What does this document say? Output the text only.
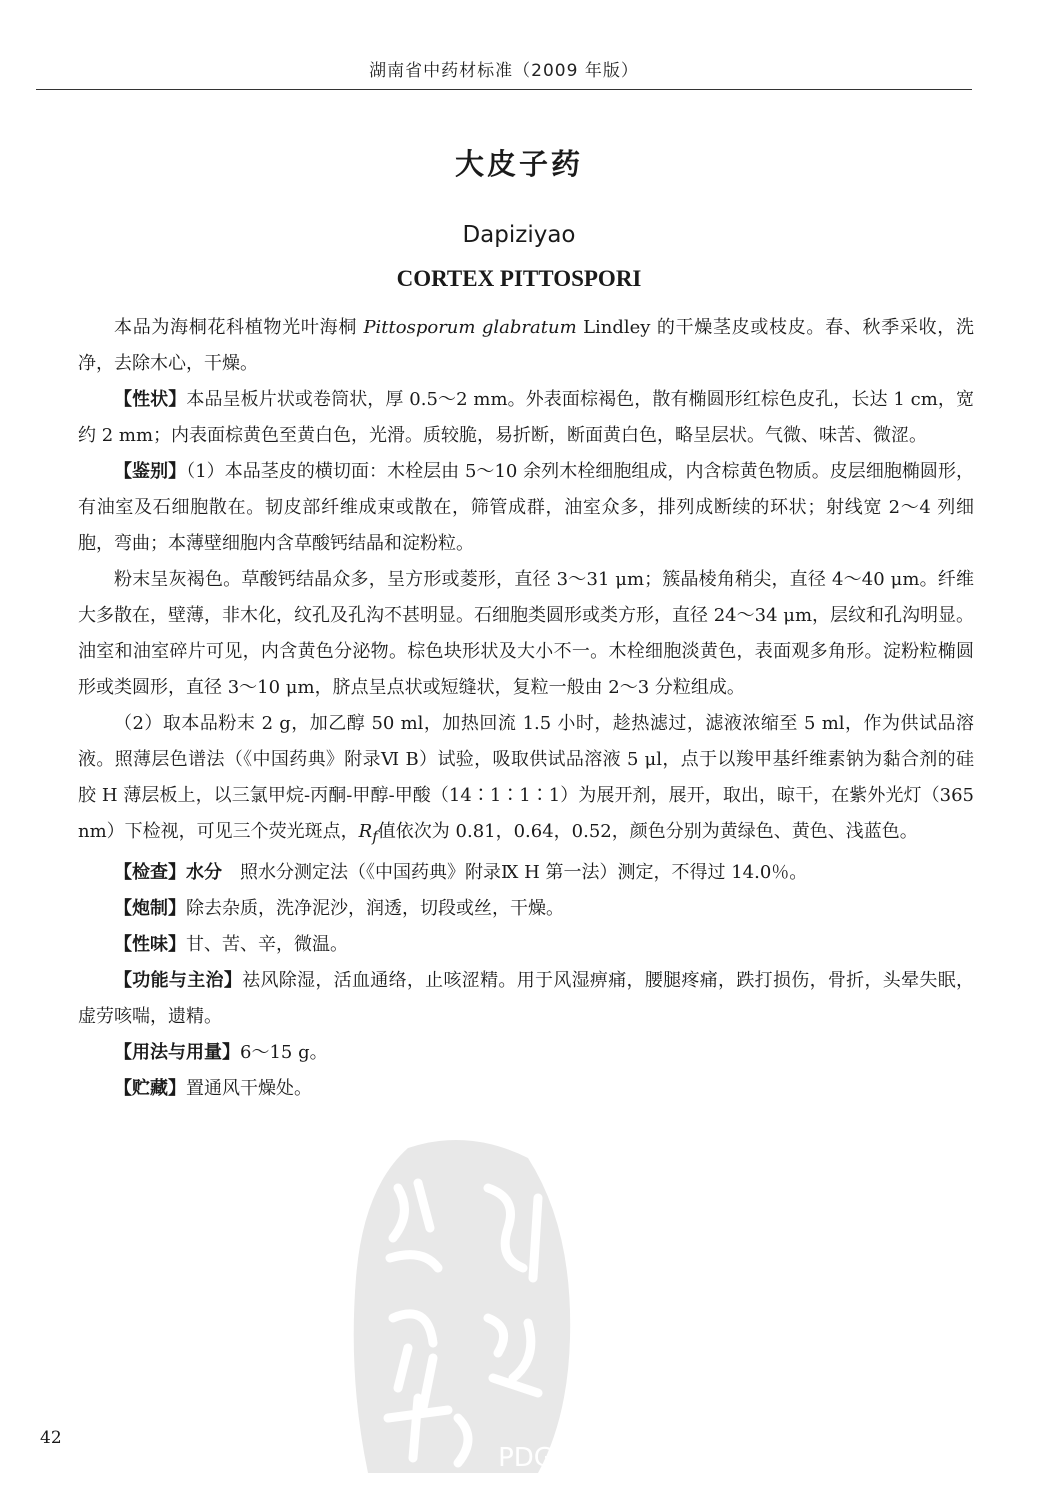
湖南省中药材标准（2009 年版）
大皮子药
Dapiziyao
CORTEX PITTOSPORI
PDG

本品为海桐花科植物光叶海桐 Pittosporum glabratum Lindley 的干燥茎皮或枝皮。春、秋季采收，洗净，去除木心，干燥。

【性状】本品呈板片状或卷筒状，厚 0.5～2 mm。外表面棕褐色，散有椭圆形红棕色皮孔，长达 1 cm，宽约 2 mm；内表面棕黄色至黄白色，光滑。质较脆，易折断，断面黄白色，略呈层状。气微、味苦、微涩。

【鉴别】（1）本品茎皮的横切面：木栓层由 5～10 余列木栓细胞组成，内含棕黄色物质。皮层细胞椭圆形，有油室及石细胞散在。韧皮部纤维成束或散在，筛管成群，油室众多，排列成断续的环状；射线宽 2～4 列细胞，弯曲；本薄壁细胞内含草酸钙结晶和淀粉粒。

粉末呈灰褐色。草酸钙结晶众多，呈方形或菱形，直径 3～31 μm；簇晶棱角稍尖，直径 4～40 μm。纤维大多散在，壁薄，非木化，纹孔及孔沟不甚明显。石细胞类圆形或类方形，直径 24～34 μm，层纹和孔沟明显。油室和油室碎片可见，内含黄色分泌物。棕色块形状及大小不一。木栓细胞淡黄色，表面观多角形。淀粉粒椭圆形或类圆形，直径 3～10 μm，脐点呈点状或短缝状，复粒一般由 2～3 分粒组成。

（2）取本品粉末 2 g，加乙醇 50 ml，加热回流 1.5 小时，趁热滤过，滤液浓缩至 5 ml，作为供试品溶液。照薄层色谱法（《中国药典》附录Ⅵ B）试验，吸取供试品溶液 5 μl，点于以羧甲基纤维素钠为黏合剂的硅胶 H 薄层板上，以三氯甲烷-丙酮-甲醇-甲酸（14∶1∶1∶1）为展开剂，展开，取出，晾干，在紫外光灯（365 nm）下检视，可见三个荧光斑点，$R_f$值依次为 0.81，0.64，0.52，颜色分别为黄绿色、黄色、浅蓝色。

【检查】水分　 照水分测定法（《中国药典》附录Ⅸ H 第一法）测定，不得过 14.0％。

【炮制】除去杂质，洗净泥沙，润透，切段或丝，干燥。

【性味】甘、苦、辛，微温。

【功能与主治】祛风除湿，活血通络，止咳涩精。用于风湿痹痛，腰腿疼痛，跌打损伤，骨折，头晕失眠，虚劳咳喘，遗精。

【用法与用量】6～15 g。

【贮藏】置通风干燥处。

42
